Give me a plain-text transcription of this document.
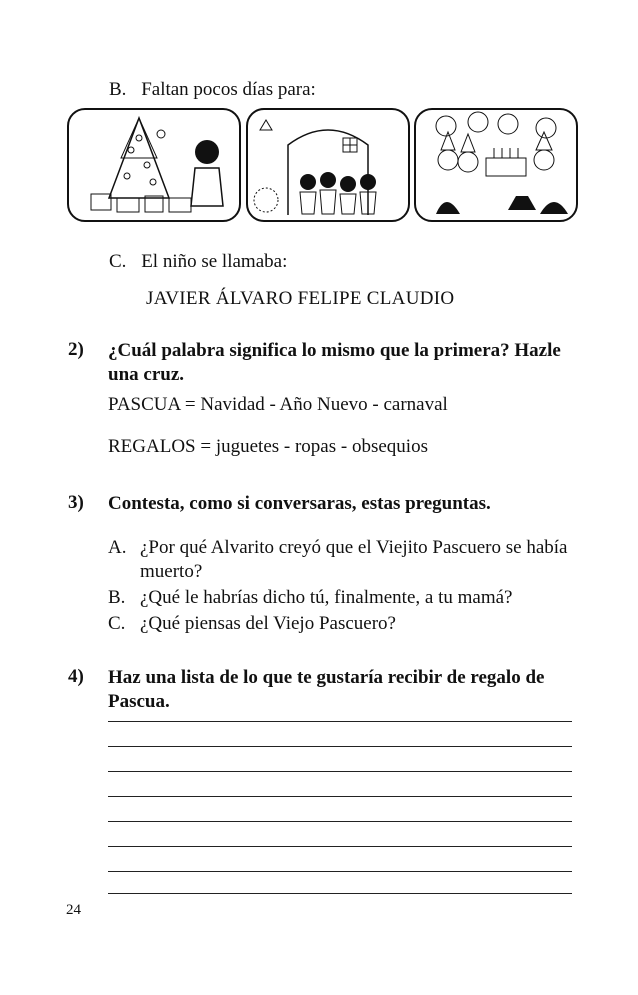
B. Faltan pocos días para:
C. El niño se llamaba:
JAVIER ÁLVARO FELIPE CLAUDIO
2) ¿Cuál palabra significa lo mismo que la primera? Hazle una cruz.
PASCUA = Navidad - Año Nuevo - carnaval
REGALOS = juguetes - ropas - obsequios
3) Contesta, como si conversaras, estas preguntas.
A. ¿Por qué Alvarito creyó que el Viejito Pascuero se había muerto?
B. ¿Qué le habrías dicho tú, finalmente, a tu mamá?
C. ¿Qué piensas del Viejo Pascuero?
4) Haz una lista de lo que te gustaría recibir de regalo de Pascua.
24
